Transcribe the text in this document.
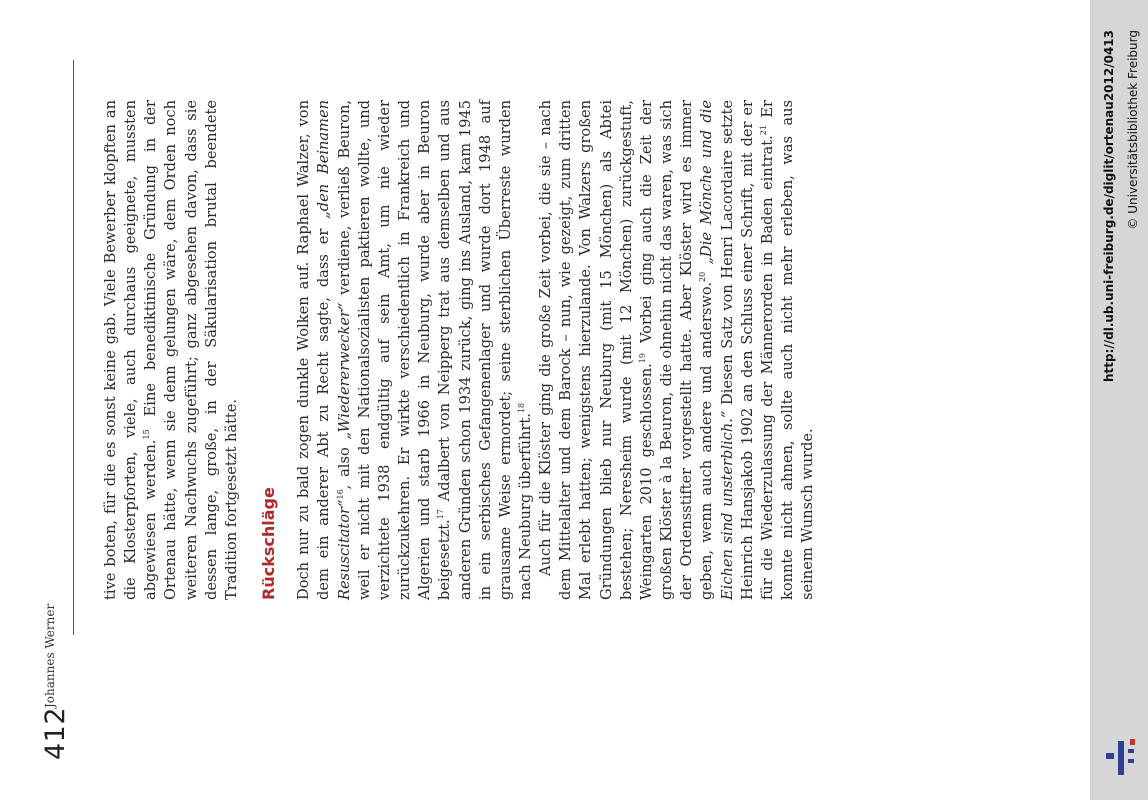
412
Johannes Werner

tive boten, für die es sonst keine gab. Viele Bewerber klopften an die Klosterpforten, viele, auch durchaus geeignete, mussten abgewiesen werden.$^{15}$ Eine benediktinische Gründung in der Ortenau hätte, wenn sie denn gelungen wäre, dem Orden noch weiteren Nachwuchs zugeführt; ganz abgesehen davon, dass sie dessen lange, große, in der Säkularisation brutal beendete Tradition fortgesetzt hätte. Rückschläge Doch nur zu bald zogen dunkle Wolken auf. Raphael Walzer, von dem ein anderer Abt zu Recht sagte, dass er „den Beinamen Resuscitator“$^{16}$, also „Wiedererwecker“ verdiene, verließ Beuron, weil er nicht mit den Nationalsozialisten paktieren wollte, und verzichtete 1938 endgültig auf sein Amt, um nie wieder zurückzukehren. Er wirkte verschiedentlich in Frankreich und Algerien und starb 1966 in Neuburg, wurde aber in Beuron beigesetzt.$^{17}$ Adalbert von Neipperg trat aus demselben und aus anderen Gründen schon 1934 zurück, ging ins Ausland, kam 1945 in ein serbisches Gefangenenlager und wurde dort 1948 auf grausame Weise ermordet; seine sterblichen Überreste wurden nach Neuburg überführt.$^{18}$ Auch für die Klöster ging die große Zeit vorbei, die sie – nach dem Mittelalter und dem Barock – nun, wie gezeigt, zum dritten Mal erlebt hatten; wenigstens hierzulande. Von Walzers großen Gründungen blieb nur Neuburg (mit 15 Mönchen) als Abtei bestehen; Neresheim wurde (mit 12 Mönchen) zurückgestuft, Weingarten 2010 geschlossen.$^{19}$ Vorbei ging auch die Zeit der großen Klöster à la Beuron, die ohnehin nicht das waren, was sich der Ordensstifter vorgestellt hatte. Aber Klöster wird es immer geben, wenn auch andere und anderswo.$^{20}$ „Die Mönche und die Eichen sind unsterblich.“ Diesen Satz von Henri Lacordaire setzte Heinrich Hansjakob 1902 an den Schluss einer Schrift, mit der er für die Wiederzulassung der Männerorden in Baden eintrat.$^{21}$ Er konnte nicht ahnen, sollte auch nicht mehr erleben, was aus seinem Wunsch wurde.

http://dl.ub.uni-freiburg.de/diglit/ortenau2012/0413 © Universitätsbibliothek Freiburg
